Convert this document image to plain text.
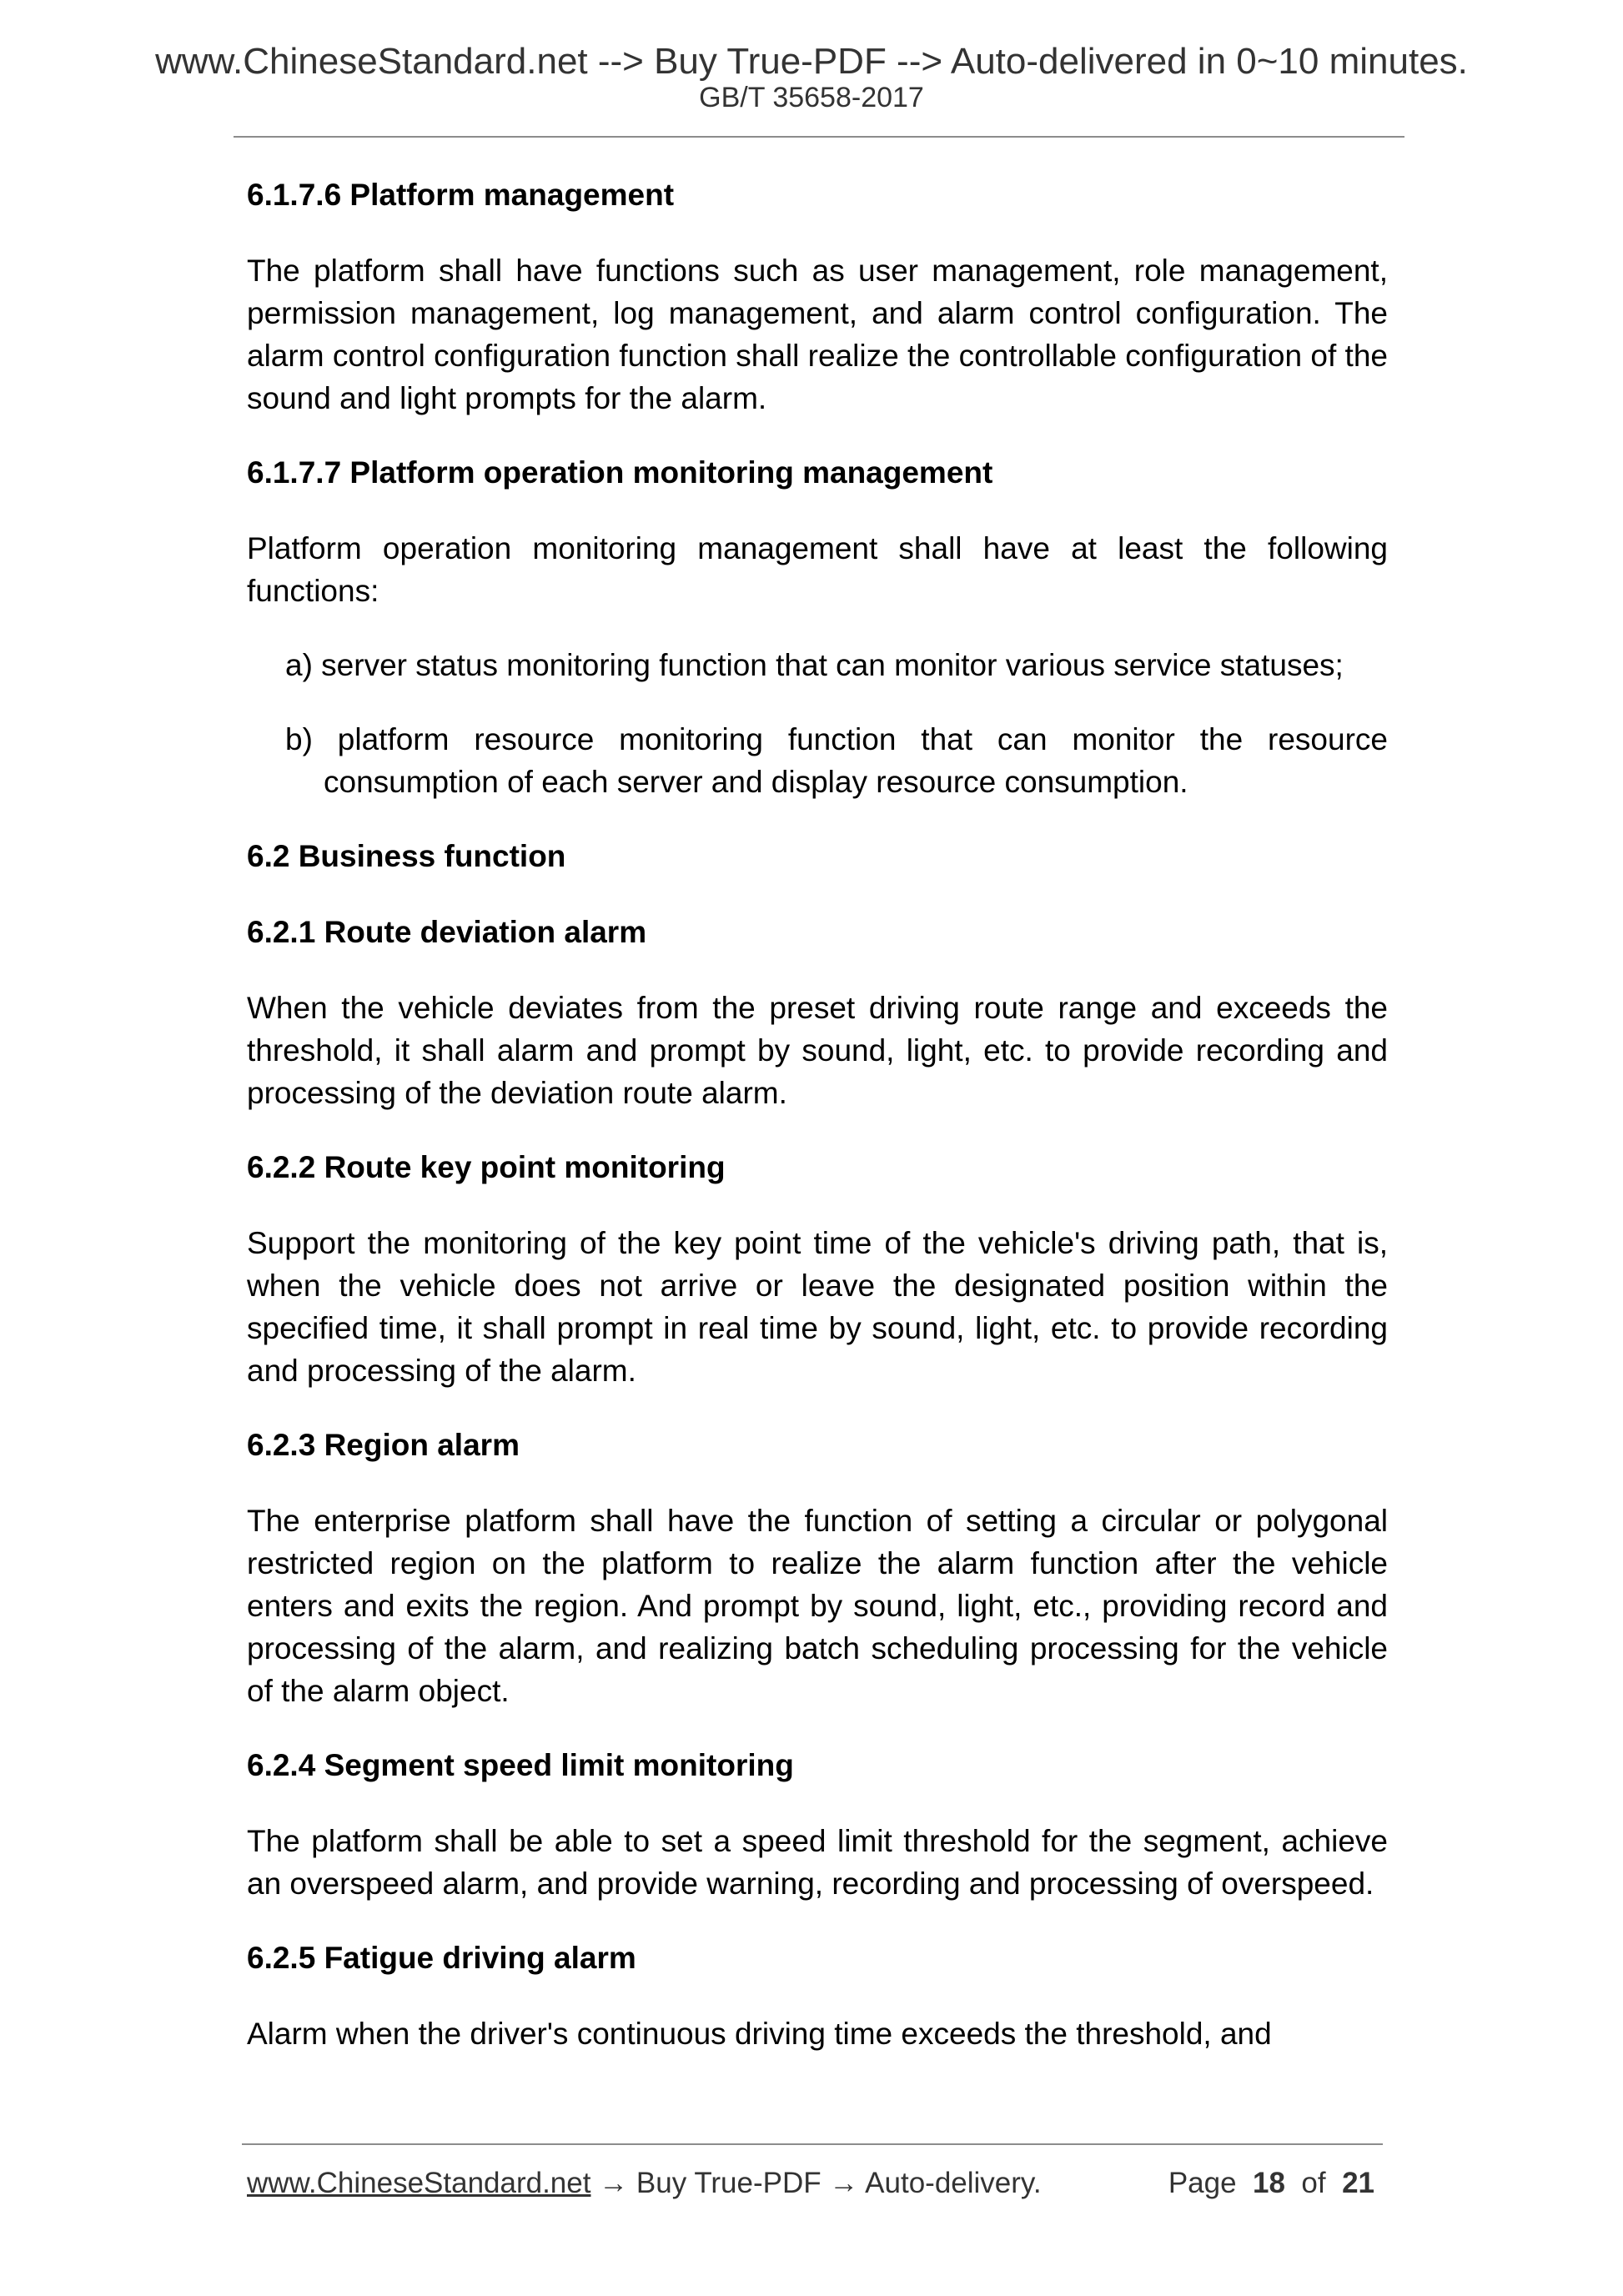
www.ChineseStandard.net --> Buy True-PDF --> Auto-delivered in 0~10 minutes.
GB/T 35658-2017
6.1.7.6 Platform management
The platform shall have functions such as user management, role management, permission management, log management, and alarm control configuration. The alarm control configuration function shall realize the controllable configuration of the sound and light prompts for the alarm.
6.1.7.7 Platform operation monitoring management
Platform operation monitoring management shall have at least the following functions:
a) server status monitoring function that can monitor various service statuses;
b) platform resource monitoring function that can monitor the resource consumption of each server and display resource consumption.
6.2 Business function
6.2.1 Route deviation alarm
When the vehicle deviates from the preset driving route range and exceeds the threshold, it shall alarm and prompt by sound, light, etc. to provide recording and processing of the deviation route alarm.
6.2.2 Route key point monitoring
Support the monitoring of the key point time of the vehicle's driving path, that is, when the vehicle does not arrive or leave the designated position within the specified time, it shall prompt in real time by sound, light, etc. to provide recording and processing of the alarm.
6.2.3 Region alarm
The enterprise platform shall have the function of setting a circular or polygonal restricted region on the platform to realize the alarm function after the vehicle enters and exits the region. And prompt by sound, light, etc., providing record and processing of the alarm, and realizing batch scheduling processing for the vehicle of the alarm object.
6.2.4 Segment speed limit monitoring
The platform shall be able to set a speed limit threshold for the segment, achieve an overspeed alarm, and provide warning, recording and processing of overspeed.
6.2.5 Fatigue driving alarm
Alarm when the driver's continuous driving time exceeds the threshold, and
www.ChineseStandard.net → Buy True-PDF → Auto-delivery.	Page 18 of 21
